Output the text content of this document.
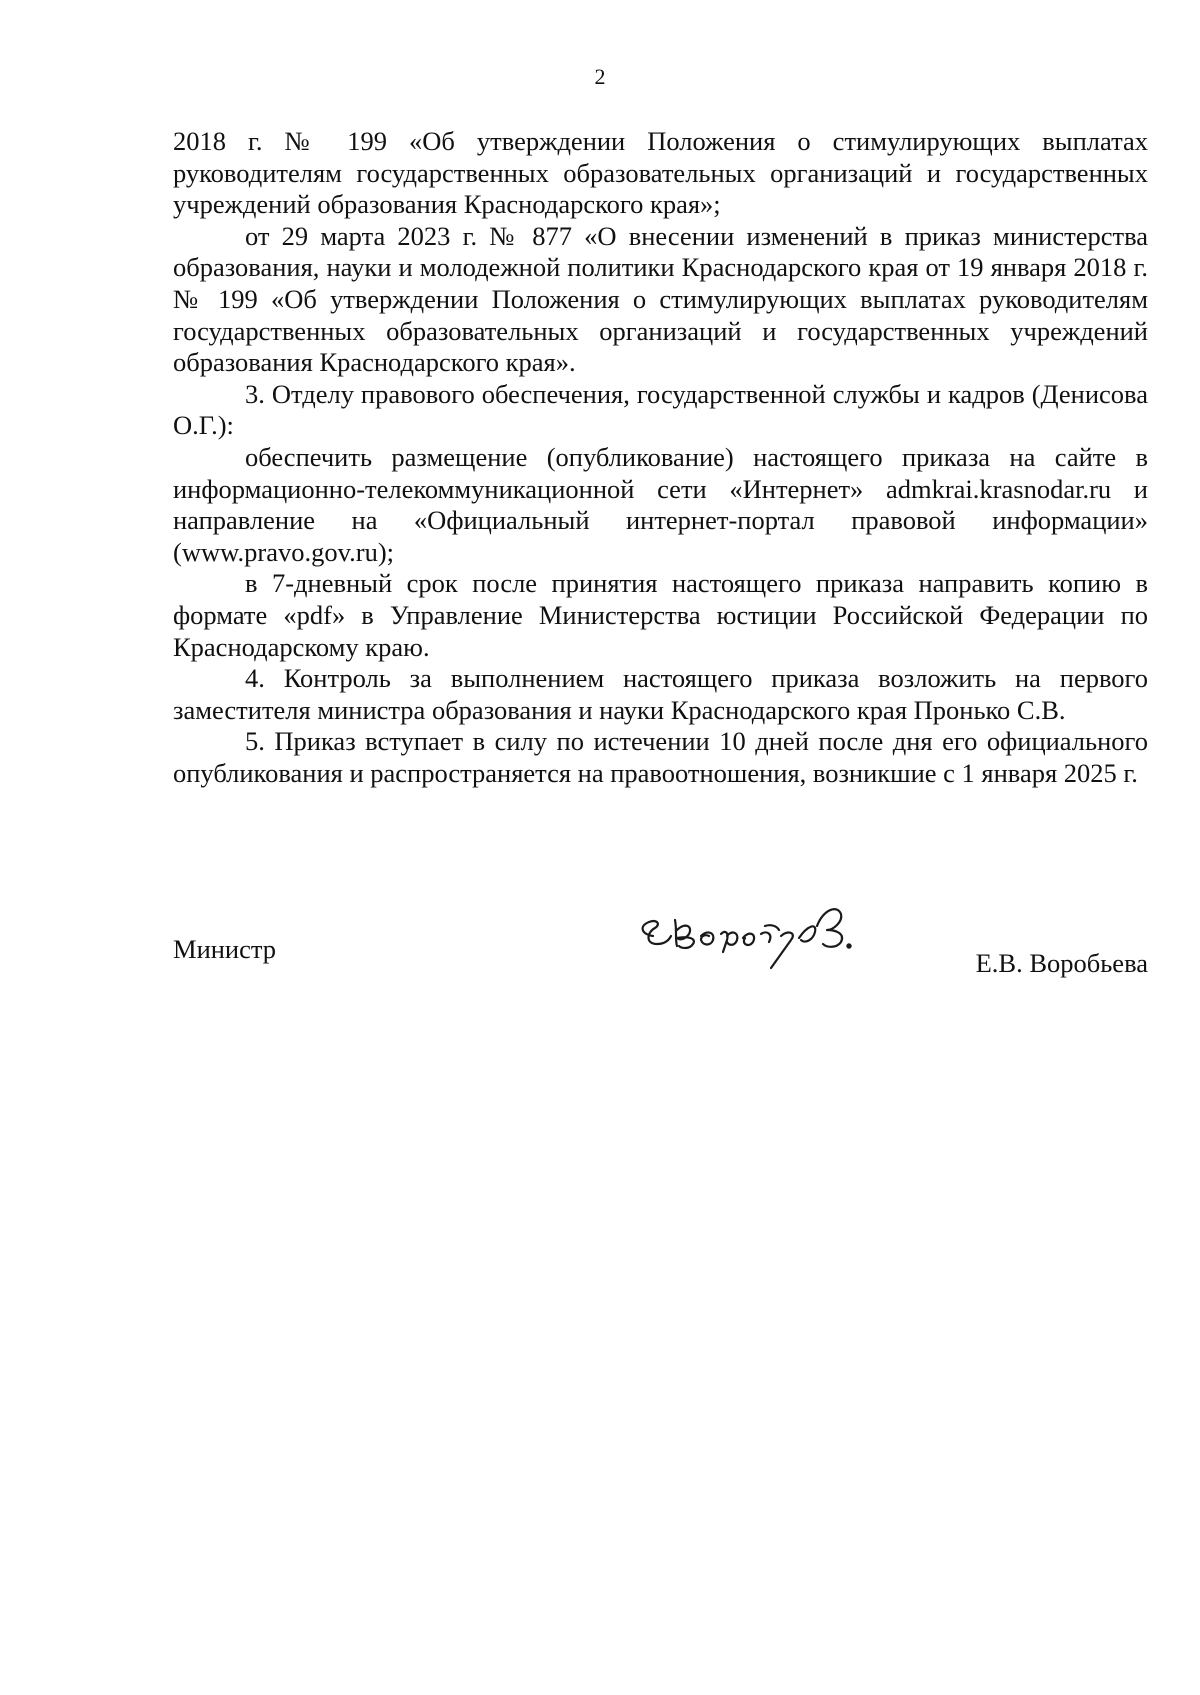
2

2018 г. № 199 «Об утверждении Положения о стимулирующих выплатах руководителям государственных образовательных организаций и государственных учреждений образования Краснодарского края»;

от 29 марта 2023 г. № 877 «О внесении изменений в приказ министерства образования, науки и молодежной политики Краснодарского края от 19 января 2018 г. № 199 «Об утверждении Положения о стимулирующих выплатах руководителям государственных образовательных организаций и государственных учреждений образования Краснодарского края».

3. Отделу правового обеспечения, государственной службы и кадров (Денисова О.Г.):

обеспечить размещение (опубликование) настоящего приказа на сайте в информационно-телекоммуникационной сети «Интернет» admkrai.krasnodar.ru и направление на «Официальный интернет-портал правовой информации» (www.pravo.gov.ru);

в 7-дневный срок после принятия настоящего приказа направить копию в формате «pdf» в Управление Министерства юстиции Российской Федерации по Краснодарскому краю.

4. Контроль за выполнением настоящего приказа возложить на первого заместителя министра образования и науки Краснодарского края Пронько С.В.

5. Приказ вступает в силу по истечении 10 дней после дня его официального опубликования и распространяется на правоотношения, возникшие с 1 января 2025 г.

Министр	Е.В. Воробьева
